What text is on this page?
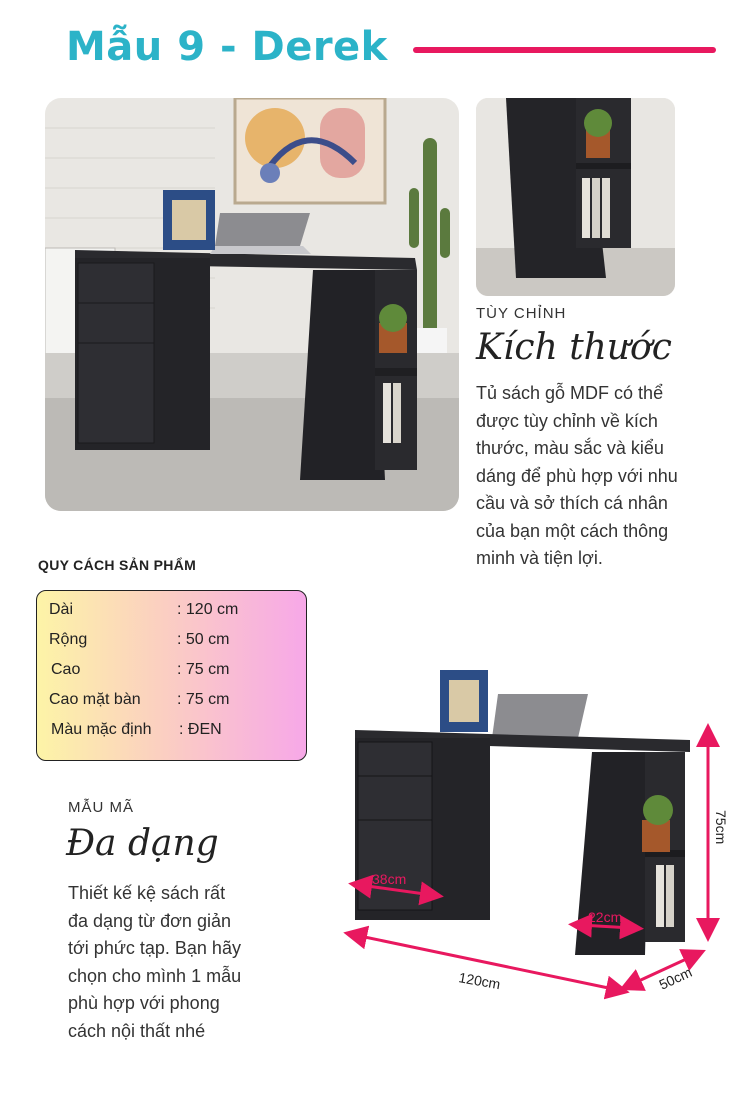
Mẫu 9 - Derek
TÙY CHỈNH
Kích thước
Tủ sách gỗ MDF có thể
được tùy chỉnh về kích
thước, màu sắc và kiểu
dáng để phù hợp với nhu
cầu và sở thích cá nhân
của bạn một cách thông
minh và tiện lợi.
QUY CÁCH SẢN PHẨM
Dài	: 120 cm
Rộng	: 50 cm
Cao	: 75 cm
Cao mặt bàn : 75 cm
Màu mặc định : ĐEN
MẪU MÃ
Đa dạng
Thiết kế kệ sách rất
đa dạng từ đơn giản
tới phức tạp. Bạn hãy
chọn cho mình 1 mẫu
phù hợp với phong
cách nội thất nhé
38cm
22cm
120cm	50cm
75cm
